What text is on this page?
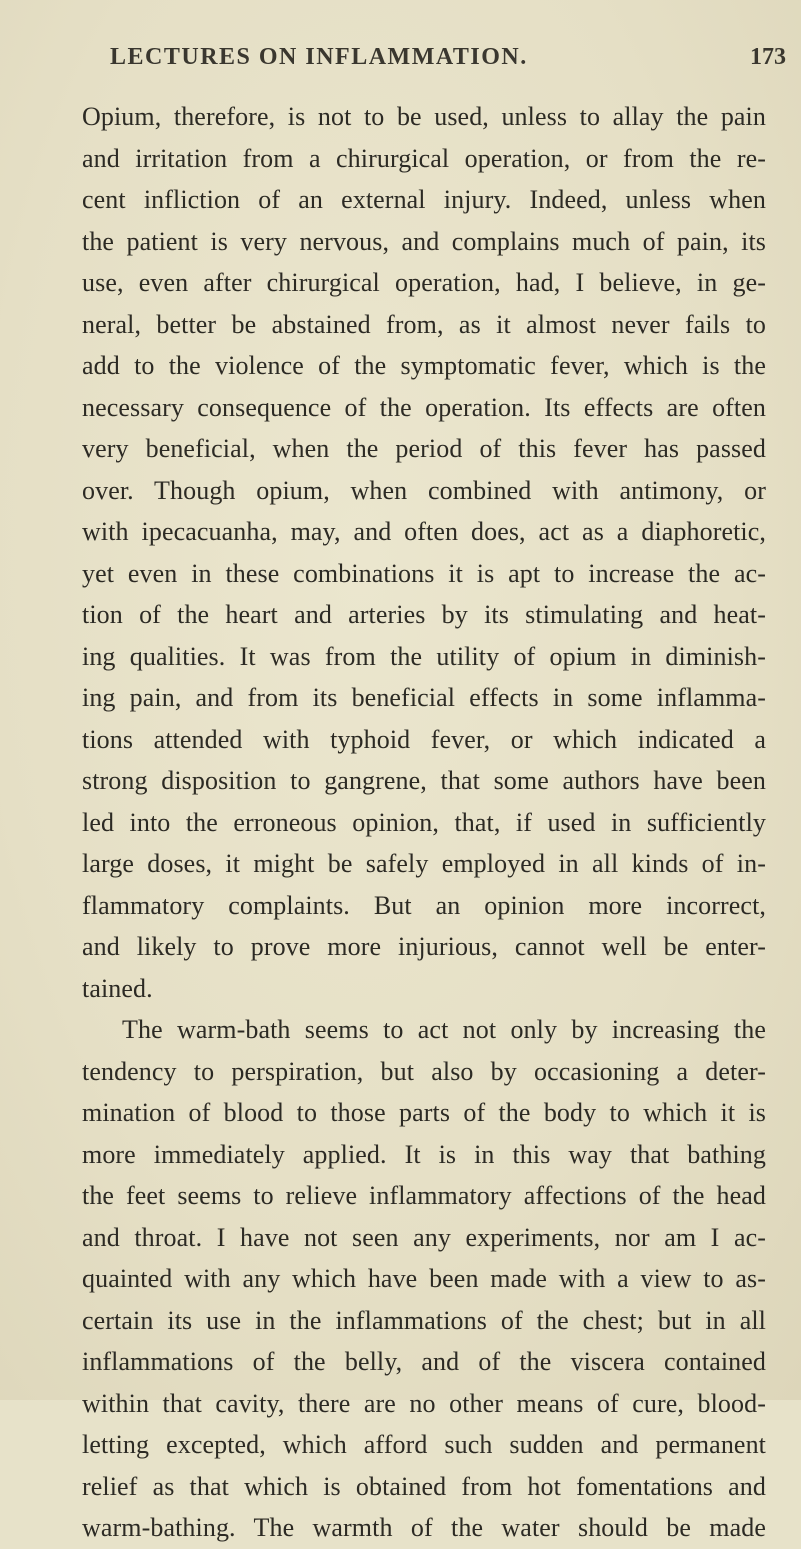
LECTURES ON INFLAMMATION.	173
Opium, therefore, is not to be used, unless to allay the pain
and irritation from a chirurgical operation, or from the re-
cent infliction of an external injury. Indeed, unless when
the patient is very nervous, and complains much of pain, its
use, even after chirurgical operation, had, I believe, in ge-
neral, better be abstained from, as it almost never fails to
add to the violence of the symptomatic fever, which is the
necessary consequence of the operation. Its effects are often
very beneficial, when the period of this fever has passed
over. Though opium, when combined with antimony, or
with ipecacuanha, may, and often does, act as a diaphoretic,
yet even in these combinations it is apt to increase the ac-
tion of the heart and arteries by its stimulating and heat-
ing qualities. It was from the utility of opium in diminish-
ing pain, and from its beneficial effects in some inflamma-
tions attended with typhoid fever, or which indicated a
strong disposition to gangrene, that some authors have been
led into the erroneous opinion, that, if used in sufficiently
large doses, it might be safely employed in all kinds of in-
flammatory complaints. But an opinion more incorrect,
and likely to prove more injurious, cannot well be enter-
tained.
The warm-bath seems to act not only by increasing the
tendency to perspiration, but also by occasioning a deter-
mination of blood to those parts of the body to which it is
more immediately applied. It is in this way that bathing
the feet seems to relieve inflammatory affections of the head
and throat. I have not seen any experiments, nor am I ac-
quainted with any which have been made with a view to as-
certain its use in the inflammations of the chest; but in all
inflammations of the belly, and of the viscera contained
within that cavity, there are no other means of cure, blood-
letting excepted, which afford such sudden and permanent
relief as that which is obtained from hot fomentations and
warm-bathing. The warmth of the water should be made
